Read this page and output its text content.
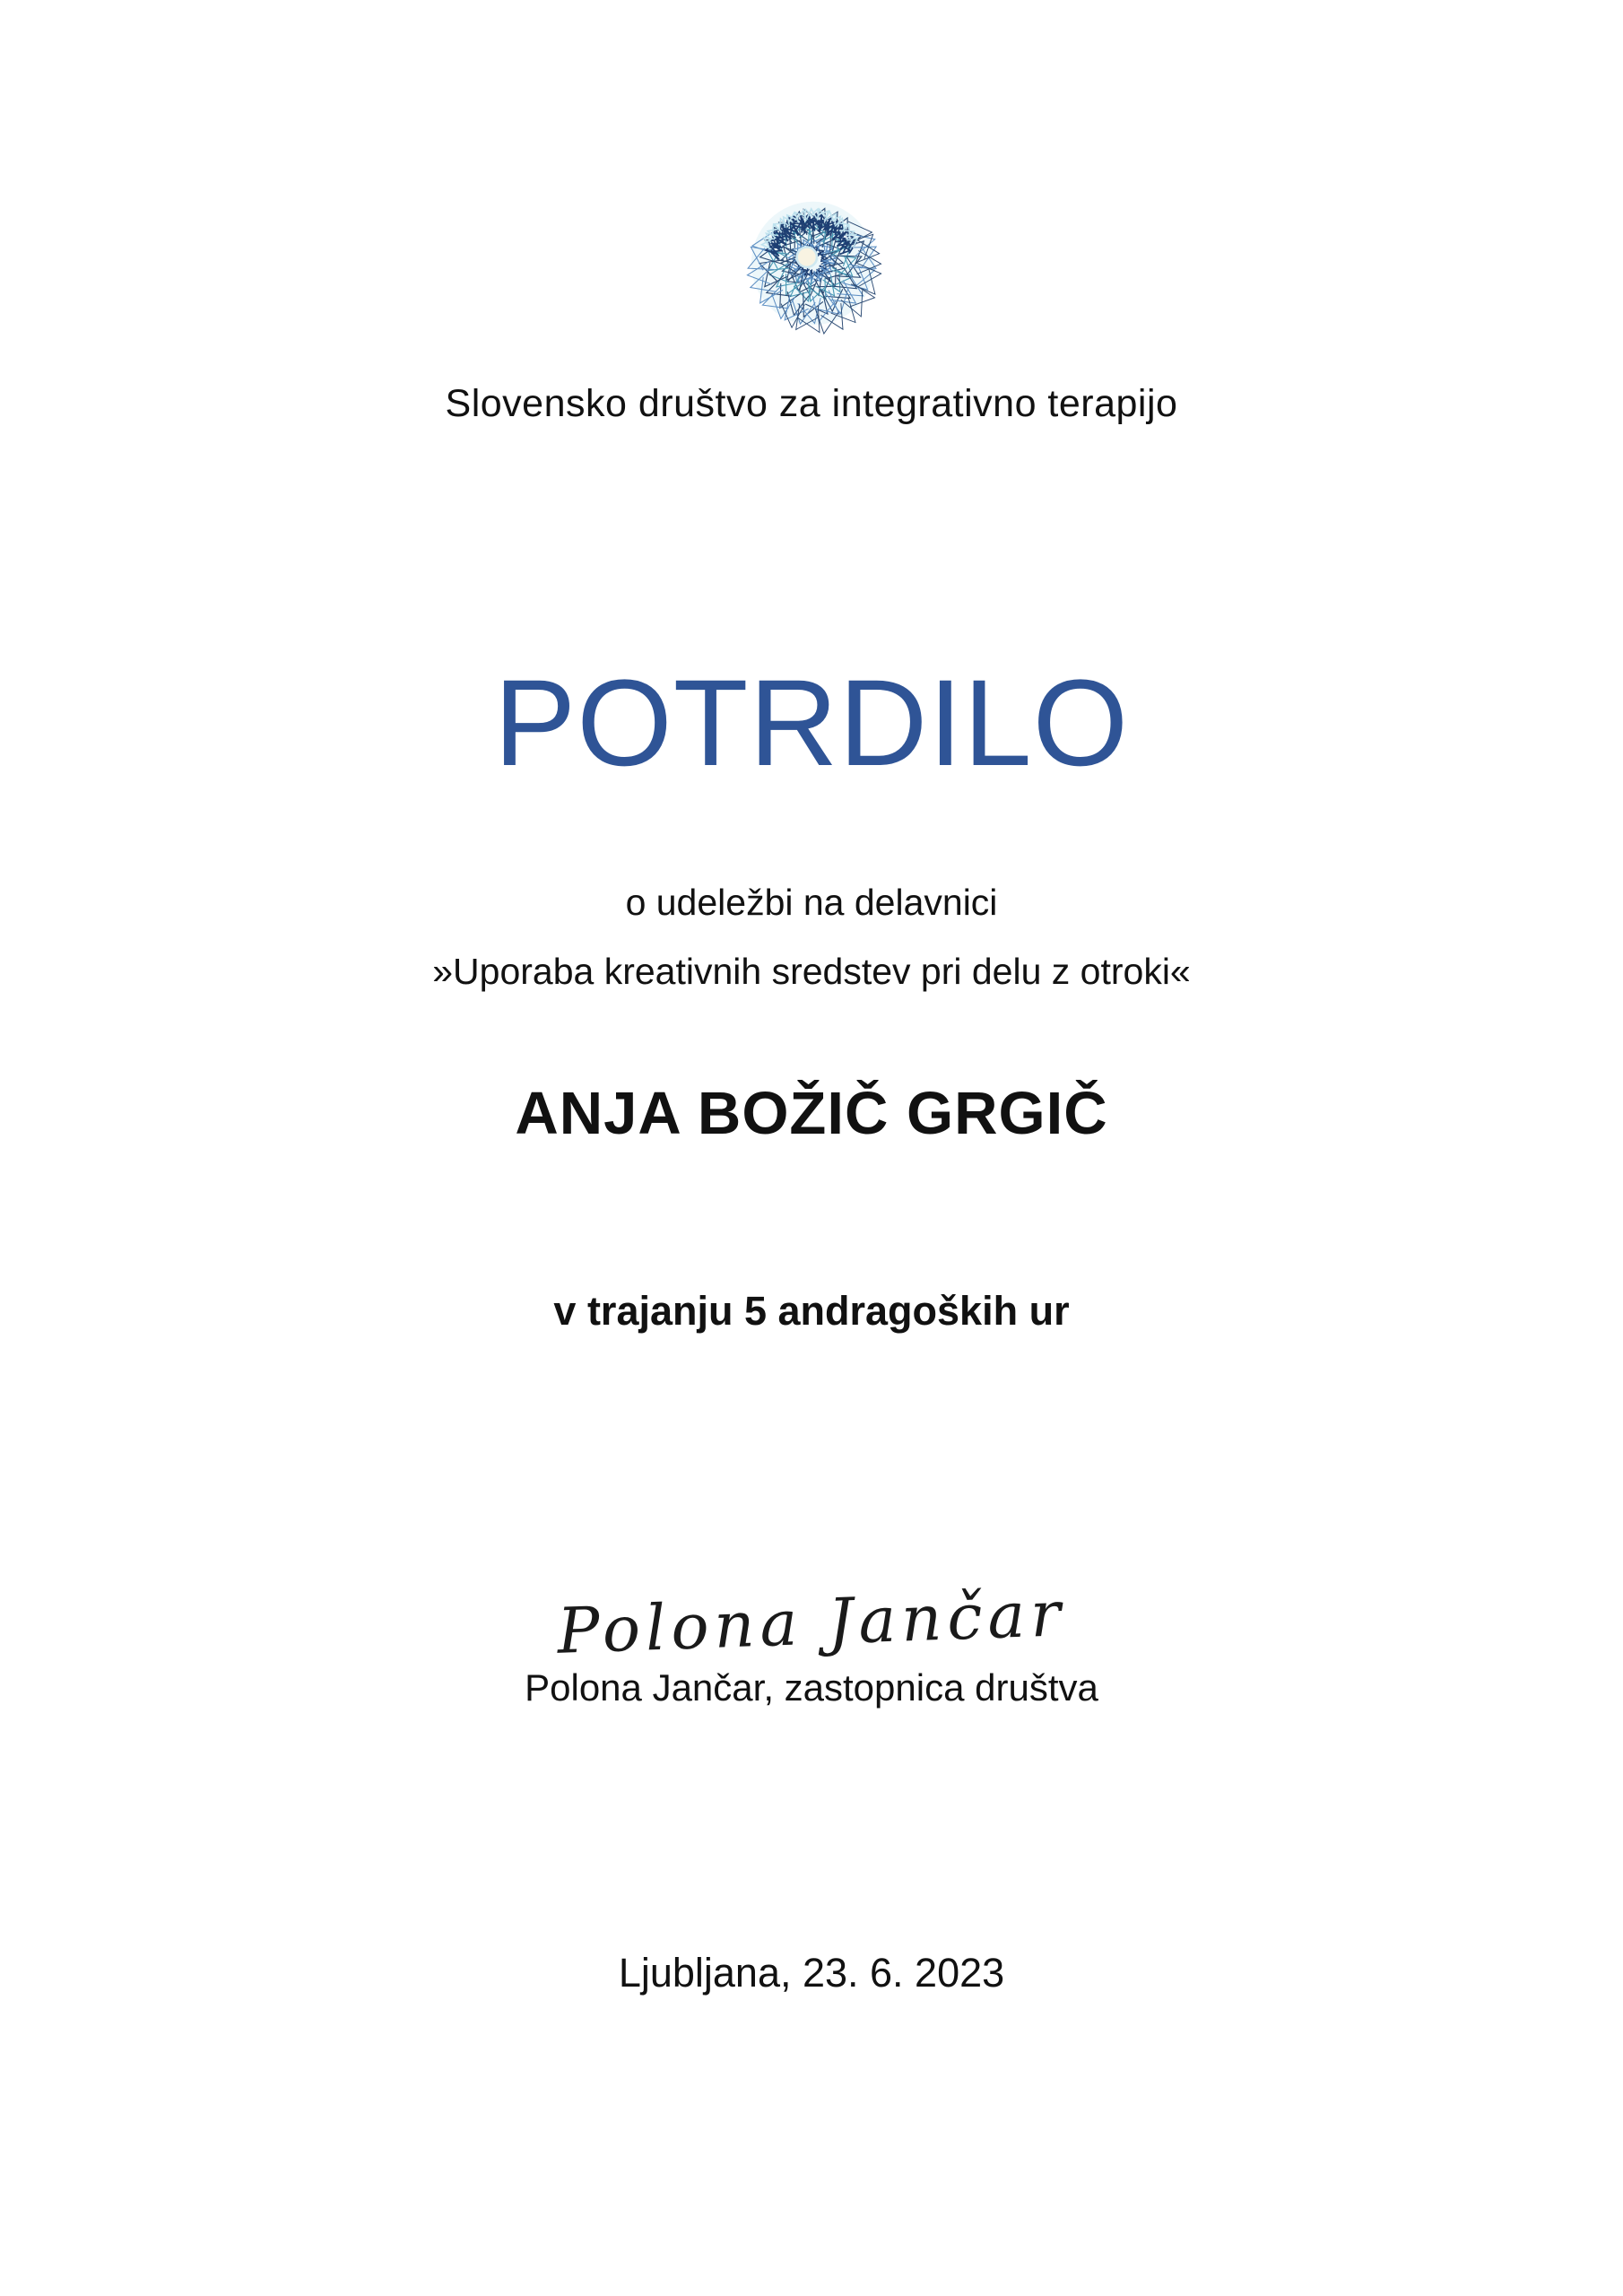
Slovensko društvo za integrativno terapijo
POTRDILO
o udeležbi na delavnici
»Uporaba kreativnih sredstev pri delu z otroki«
ANJA BOŽIČ GRGIČ
v trajanju 5 andragoških ur
Polona Jančar
Polona Jančar, zastopnica društva
Ljubljana, 23. 6. 2023
